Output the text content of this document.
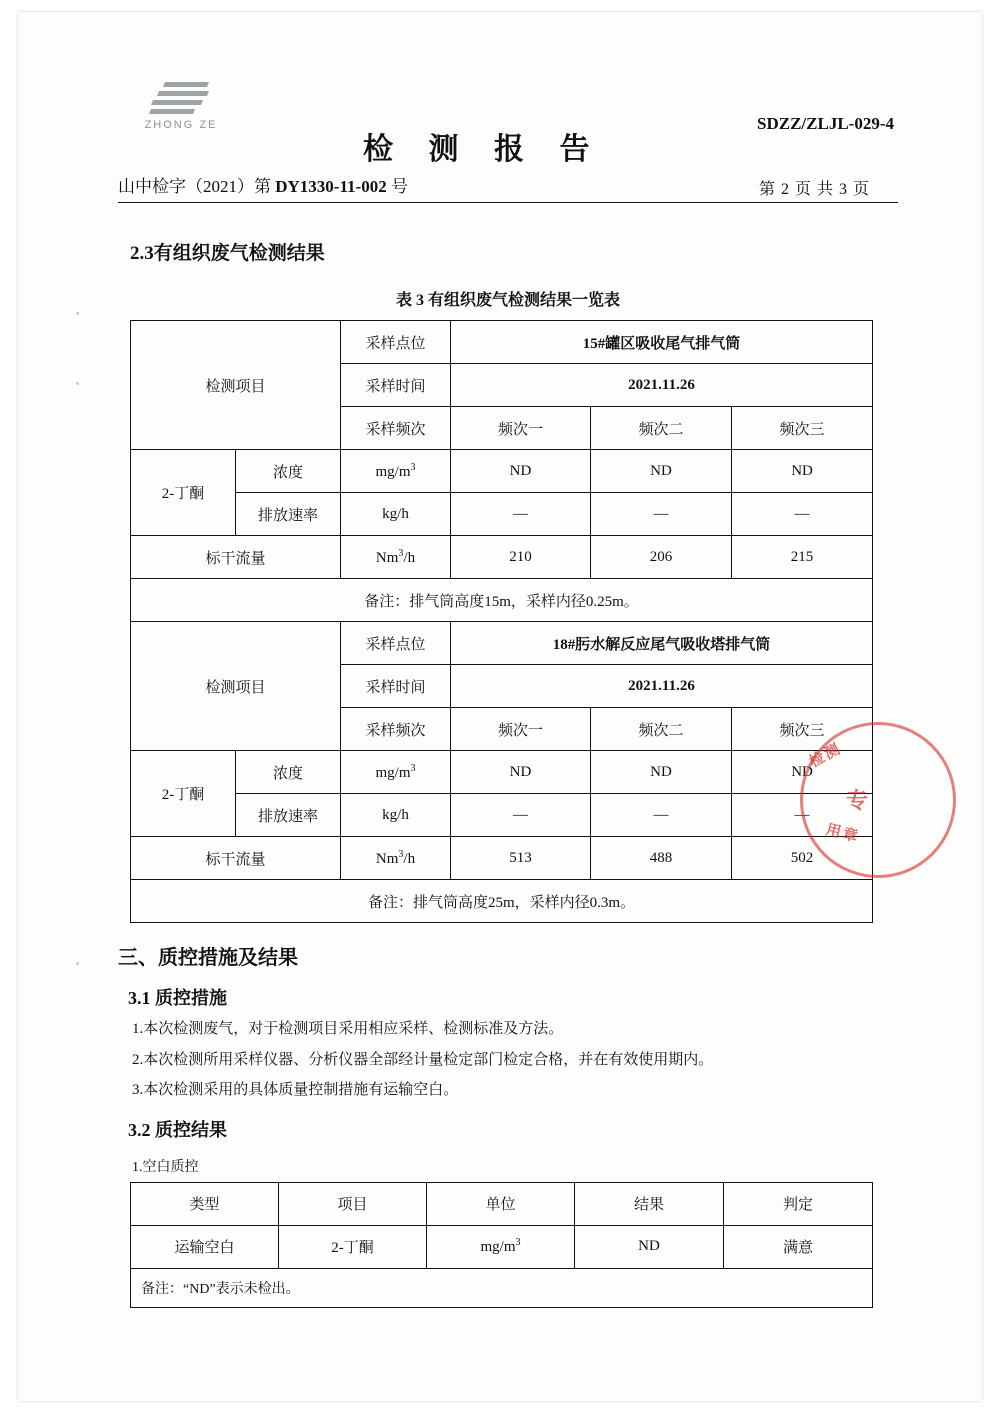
ZHONG ZE	SDZZ/ZLJL-029-4
检 测 报 告
山中检字（2021）第 DY1330-11-002 号	第 2 页 共 3 页
2.3有组织废气检测结果
表 3 有组织废气检测结果一览表
检测项目		采样点位	15#罐区吸收尾气排气筒		
		采样时间	2021.11.26		
		采样频次	频次一	频次二	频次三
2-丁酮	浓度	$mg/m^3$	ND	ND	ND
	排放速率	kg/h	—	—	—
标干流量		Nm$^3$/h	210	206	215
备注：排气筒高度15m，采样内径0.25m。					
检测项目		采样点位	18#肟水解反应尾气吸收塔排气筒		
		采样时间	2021.11.26		
		采样频次	频次一	频次二	频次三
2-丁酮	浓度	$mg/m^3$	ND	ND	ND
	排放速率	kg/h	—	—	—
标干流量		Nm$^3$/h	513	488	502
备注：排气筒高度25m，采样内径0.3m。					
三、质控措施及结果
3.1 质控措施
1.本次检测废气，对于检测项目采用相应采样、检测标准及方法。
2.本次检测所用采样仪器、分析仪器全部经计量检定部门检定合格，并在有效使用期内。
3.本次检测采用的具体质量控制措施有运输空白。
3.2 质控结果
1.空白质控
类型	项目	单位	结果	判定
运输空白	2-丁酮	$mg/m^3$	ND	满意
备注：“ND”表示未检出。				
检测
专
用章
